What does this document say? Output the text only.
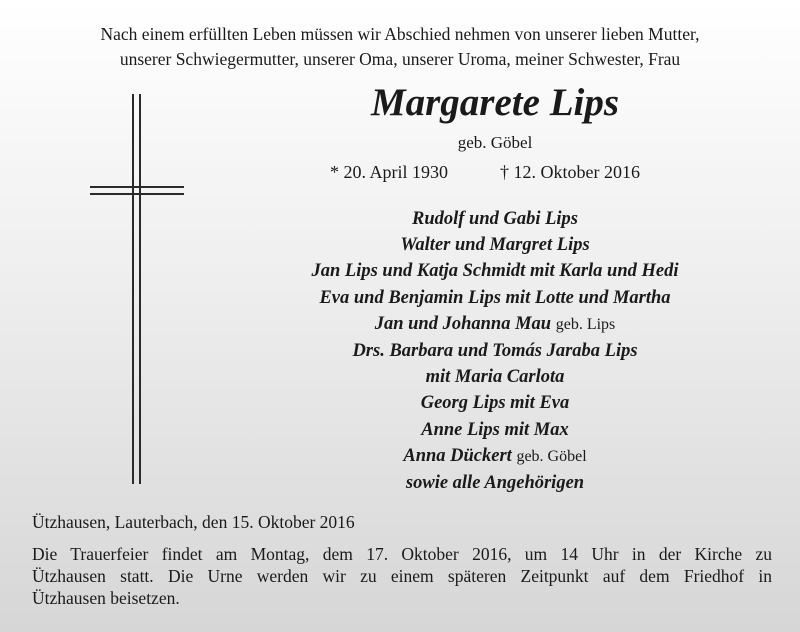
Nach einem erfüllten Leben müssen wir Abschied nehmen von unserer lieben Mutter,
unserer Schwiegermutter, unserer Oma, unserer Uroma, meiner Schwester, Frau
Margarete Lips
geb. Göbel
* 20. April 1930	† 12. Oktober 2016
Rudolf und Gabi Lips
Walter und Margret Lips
Jan Lips und Katja Schmidt mit Karla und Hedi
Eva und Benjamin Lips mit Lotte und Martha
Jan und Johanna Mau geb. Lips
Drs. Barbara und Tomás Jaraba Lips
mit Maria Carlota
Georg Lips mit Eva
Anne Lips mit Max
Anna Dückert geb. Göbel
sowie alle Angehörigen
Ützhausen, Lauterbach, den 15. Oktober 2016
Die Trauerfeier findet am Montag, dem 17. Oktober 2016, um 14 Uhr in der Kirche zu
Ützhausen statt. Die Urne werden wir zu einem späteren Zeitpunkt auf dem Friedhof in
Ützhausen beisetzen.
